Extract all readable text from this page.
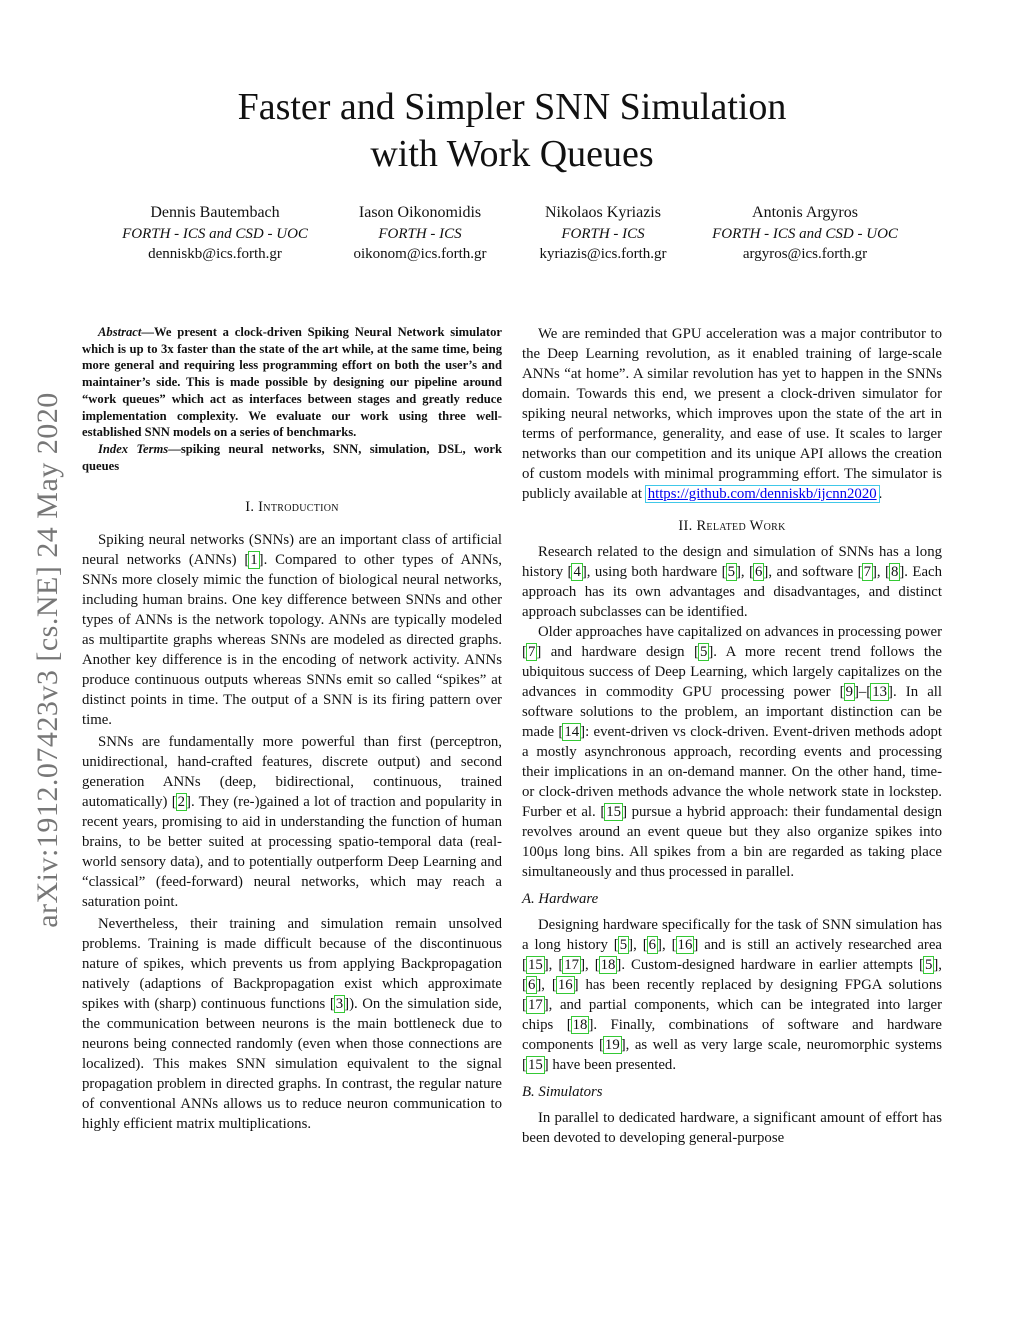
arXiv:1912.07423v3 [cs.NE] 24 May 2020
Faster and Simpler SNN Simulation
with Work Queues
Dennis Bautembach
FORTH - ICS and CSD - UOC
denniskb@ics.forth.gr
Iason Oikonomidis
FORTH - ICS
oikonom@ics.forth.gr
Nikolaos Kyriazis
FORTH - ICS
kyriazis@ics.forth.gr
Antonis Argyros
FORTH - ICS and CSD - UOC
argyros@ics.forth.gr

Abstract—We present a clock-driven Spiking Neural Network simulator which is up to 3x faster than the state of the art while, at the same time, being more general and requiring less programming effort on both the user’s and maintainer’s side. This is made possible by designing our pipeline around “work queues” which act as interfaces between stages and greatly reduce implementation complexity. We evaluate our work using three well-established SNN models on a series of benchmarks.

Index Terms—spiking neural networks, SNN, simulation, DSL, work queues

I. Introduction

Spiking neural networks (SNNs) are an important class of artificial neural networks (ANNs) [1]. Compared to other types of ANNs, SNNs more closely mimic the function of biological neural networks, including human brains. One key difference between SNNs and other types of ANNs is the network topology. ANNs are typically modeled as multipartite graphs whereas SNNs are modeled as directed graphs. Another key difference is in the encoding of network activity. ANNs produce continuous outputs whereas SNNs emit so called “spikes” at distinct points in time. The output of a SNN is its firing pattern over time.

SNNs are fundamentally more powerful than first (perceptron, unidirectional, hand-crafted features, discrete output) and second generation ANNs (deep, bidirectional, continuous, trained automatically) [2]. They (re-)gained a lot of traction and popularity in recent years, promising to aid in understanding the function of human brains, to be better suited at processing spatio-temporal data (real-world sensory data), and to potentially outperform Deep Learning and “classical” (feed-forward) neural networks, which may reach a saturation point.

Nevertheless, their training and simulation remain unsolved problems. Training is made difficult because of the discontinuous nature of spikes, which prevents us from applying Backpropagation natively (adaptions of Backpropagation exist which approximate spikes with (sharp) continuous functions [3]). On the simulation side, the communication between neurons is the main bottleneck due to neurons being connected randomly (even when those connections are localized). This makes SNN simulation equivalent to the signal propagation problem in directed graphs. In contrast, the regular nature of conventional ANNs allows us to reduce neuron communication to highly efficient matrix multiplications.

We are reminded that GPU acceleration was a major contributor to the Deep Learning revolution, as it enabled training of large-scale ANNs “at home”. A similar revolution has yet to happen in the SNNs domain. Towards this end, we present a clock-driven simulator for spiking neural networks, which improves upon the state of the art in terms of performance, generality, and ease of use. It scales to larger networks than our competition and its unique API allows the creation of custom models with minimal programming effort. The simulator is publicly available at https://github.com/denniskb/ijcnn2020 .

II. Related Work

Research related to the design and simulation of SNNs has a long history [4], using both hardware [5], [6], and software [7], [8]. Each approach has its own advantages and disadvantages, and distinct approach subclasses can be identified.

Older approaches have capitalized on advances in processing power [7] and hardware design [5]. A more recent trend follows the ubiquitous success of Deep Learning, which largely capitalizes on the advances in commodity GPU processing power [9]–[13]. In all software solutions to the problem, an important distinction can be made [14]: event-driven vs clock-driven. Event-driven methods adopt a mostly asynchronous approach, recording events and processing their implications in an on-demand manner. On the other hand, time- or clock-driven methods advance the whole network state in lockstep. Furber et al. [15] pursue a hybrid approach: their fundamental design revolves around an event queue but they also organize spikes into 100μs long bins. All spikes from a bin are regarded as taking place simultaneously and thus processed in parallel.

A. Hardware

Designing hardware specifically for the task of SNN simulation has a long history [5], [6], [16] and is still an actively researched area [15], [17], [18]. Custom-designed hardware in earlier attempts [5], [6], [16] has been recently replaced by designing FPGA solutions [17], and partial components, which can be integrated into larger chips [18]. Finally, combinations of software and hardware components [19], as well as very large scale, neuromorphic systems [15] have been presented.

B. Simulators

In parallel to dedicated hardware, a significant amount of effort has been devoted to developing general-purpose
